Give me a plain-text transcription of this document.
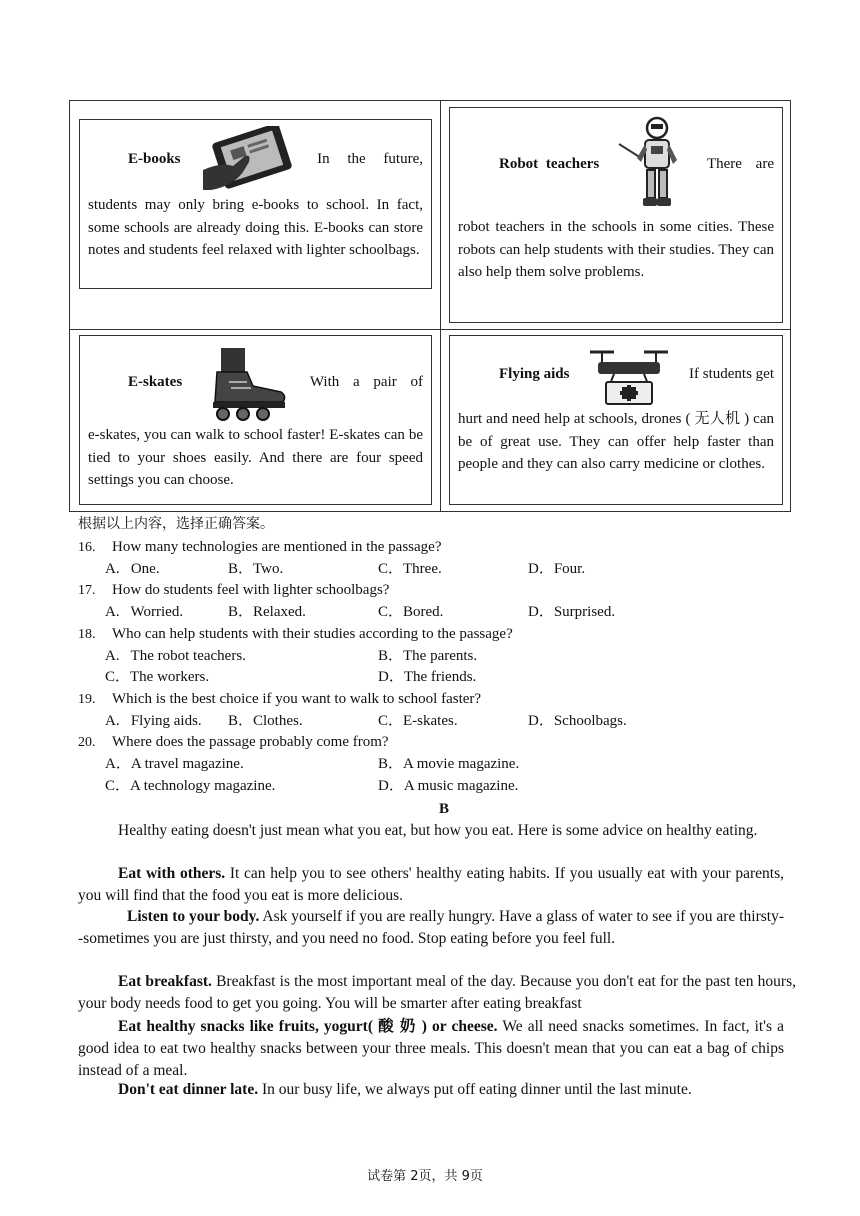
E-books	In the future,
students may only bring e-books to school. In fact, some schools are already doing this. E-books can store notes and students feel relaxed with lighter schoolbags.
Robot teachers	There are
robot teachers in the schools in some cities. These robots can help students with their studies. They can also help them solve problems.
E-skates	With a pair of
e-skates, you can walk to school faster! E-skates can be tied to your shoes easily. And there are four speed settings you can choose.
Flying aids	If students get
hurt and need help at schools, drones ( 无人机 ) can be of great use. They can offer help faster than people and they can also carry medicine or clothes.
根据以上内容，选择正确答案。
16. How many technologies are mentioned in the passage?
A.   One.	B．Two.	C．Three.	D．Four.
17. How do students feel with lighter schoolbags?
A.   Worried.	B．Relaxed.	C．Bored.	D．Surprised.
18. Who can help students with their studies according to the passage?
A.   The robot teachers.	B．The parents.
C．The workers.	D．The friends.
19. Which is the best choice if you want to walk to school faster?
A.   Flying aids. B．Clothes.	C．E-skates.	D．Schoolbags.
20. Where does the passage probably come from?
A．A travel magazine.	B．A movie magazine.
C．A technology magazine.	D．A music magazine.
B
Healthy eating doesn't just mean what you eat, but how you eat. Here is some advice on healthy eating.
Eat with others. It can help you to see others' healthy eating habits. If you usually eat with your parents, you will find that the food you eat is more delicious.
Listen to your body. Ask yourself if you are really hungry. Have a glass of water to see if you are thirsty--sometimes you are just thirsty, and you need no food. Stop eating before you feel full.
Eat breakfast. Breakfast is the most important meal of the day. Because you don't eat for the past ten hours, your body needs food to get you going. You will be smarter after eating breakfast
Eat healthy snacks like fruits, yogurt( 酸 奶 ) or cheese. We all need snacks sometimes. In fact, it's a good idea to eat two healthy snacks between your three meals. This doesn't mean that you can eat a bag of chips instead of a meal.
Don't eat dinner late. In our busy life, we always put off eating dinner until the last minute.
试卷第 2页，共 9页
